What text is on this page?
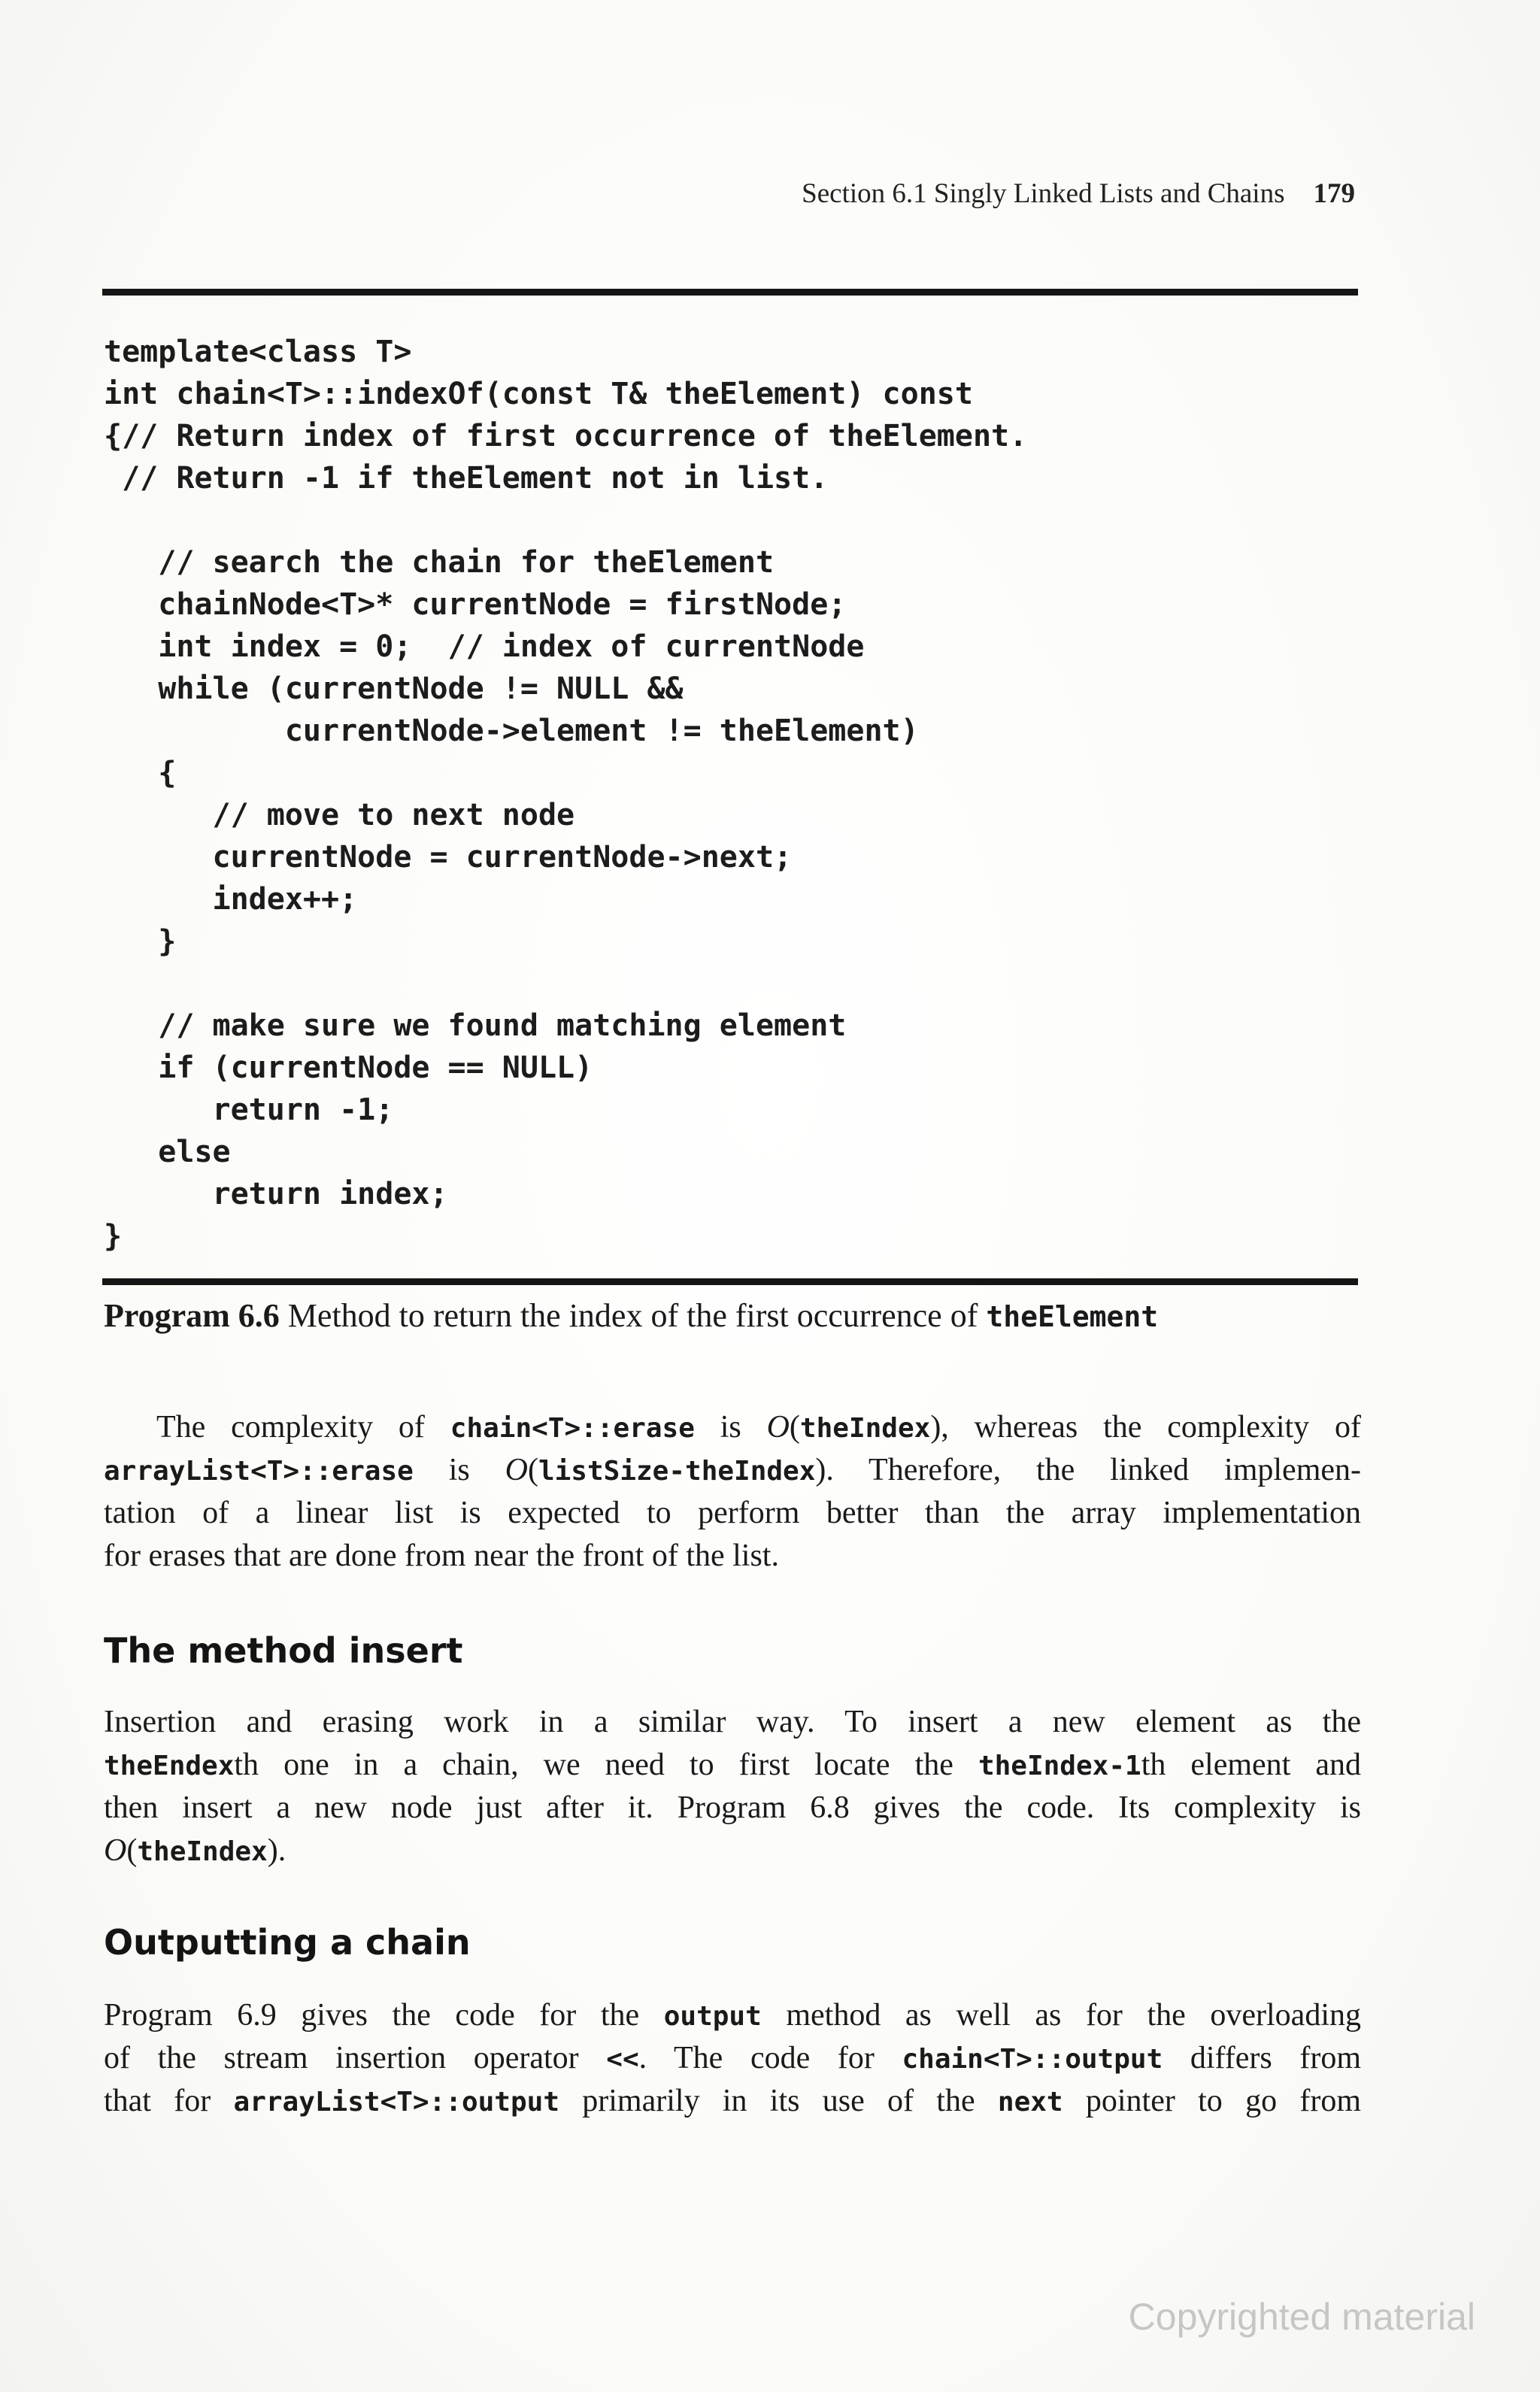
Section 6.1 Singly Linked Lists and Chains 179
template<class T>
int chain<T>::indexOf(const T& theElement) const
{// Return index of first occurrence of theElement.
// Return -1 if theElement not in list.
// search the chain for theElement
chainNode<T>* currentNode = firstNode;
int index = 0;  // index of currentNode
while (currentNode != NULL &&
currentNode->element != theElement)
{
// move to next node
currentNode = currentNode->next;
index++;
}
// make sure we found matching element
if (currentNode == NULL)
return -1;
else
return index;
}
Program 6.6 Method to return the index of the first occurrence of theElement
The complexity of chain<T>::erase is O(theIndex), whereas the complexity of
arrayList<T>::erase is O(listSize-theIndex). Therefore, the linked implemen-
tation of a linear list is expected to perform better than the array implementation
for erases that are done from near the front of the list.
The method insert
Insertion and erasing work in a similar way. To insert a new element as the
theEndexth one in a chain, we need to first locate the theIndex-1th element and
then insert a new node just after it. Program 6.8 gives the code. Its complexity is
O(theIndex).
Outputting a chain
Program 6.9 gives the code for the output method as well as for the overloading
of the stream insertion operator <<. The code for chain<T>::output differs from
that for arrayList<T>::output primarily in its use of the next pointer to go from
Copyrighted material
